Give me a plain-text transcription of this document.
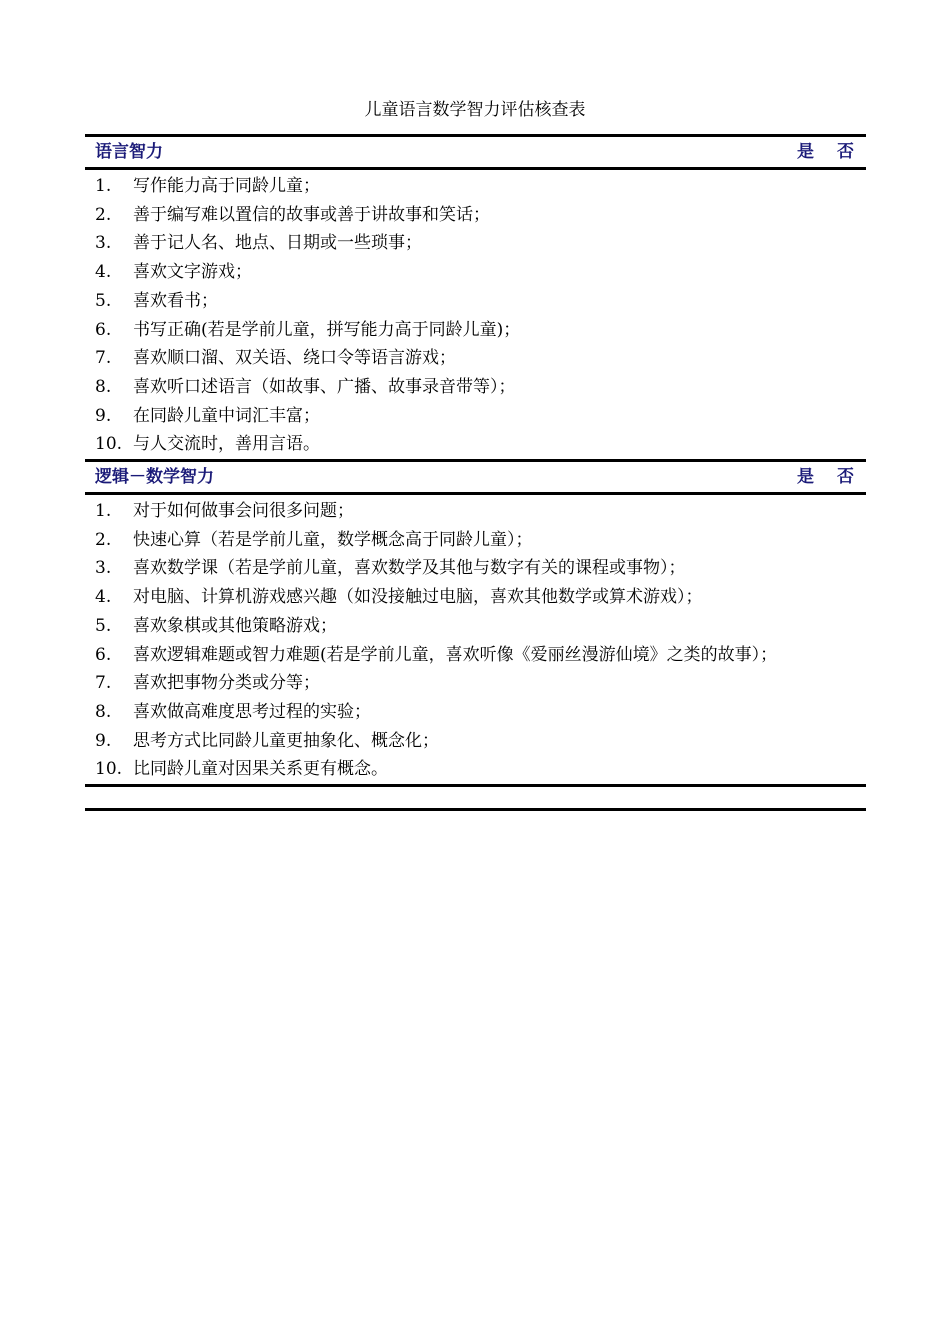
儿童语言数学智力评估核查表
语言智力	是 否
1. 写作能力高于同龄儿童；
2. 善于编写难以置信的故事或善于讲故事和笑话；
3. 善于记人名、地点、日期或一些琐事；
4. 喜欢文字游戏；
5. 喜欢看书；
6. 书写正确(若是学前儿童，拼写能力高于同龄儿童)；
7. 喜欢顺口溜、双关语、绕口令等语言游戏；
8. 喜欢听口述语言（如故事、广播、故事录音带等）；
9. 在同龄儿童中词汇丰富；
10. 与人交流时，善用言语。
逻辑－数学智力	是 否
1. 对于如何做事会问很多问题；
2. 快速心算（若是学前儿童，数学概念高于同龄儿童）；
3. 喜欢数学课（若是学前儿童，喜欢数学及其他与数字有关的课程或事物）；
4. 对电脑、计算机游戏感兴趣（如没接触过电脑，喜欢其他数学或算术游戏）；
5. 喜欢象棋或其他策略游戏；
6. 喜欢逻辑难题或智力难题(若是学前儿童，喜欢听像《爱丽丝漫游仙境》之类的故事）；
7. 喜欢把事物分类或分等；
8. 喜欢做高难度思考过程的实验；
9. 思考方式比同龄儿童更抽象化、概念化；
10. 比同龄儿童对因果关系更有概念。
